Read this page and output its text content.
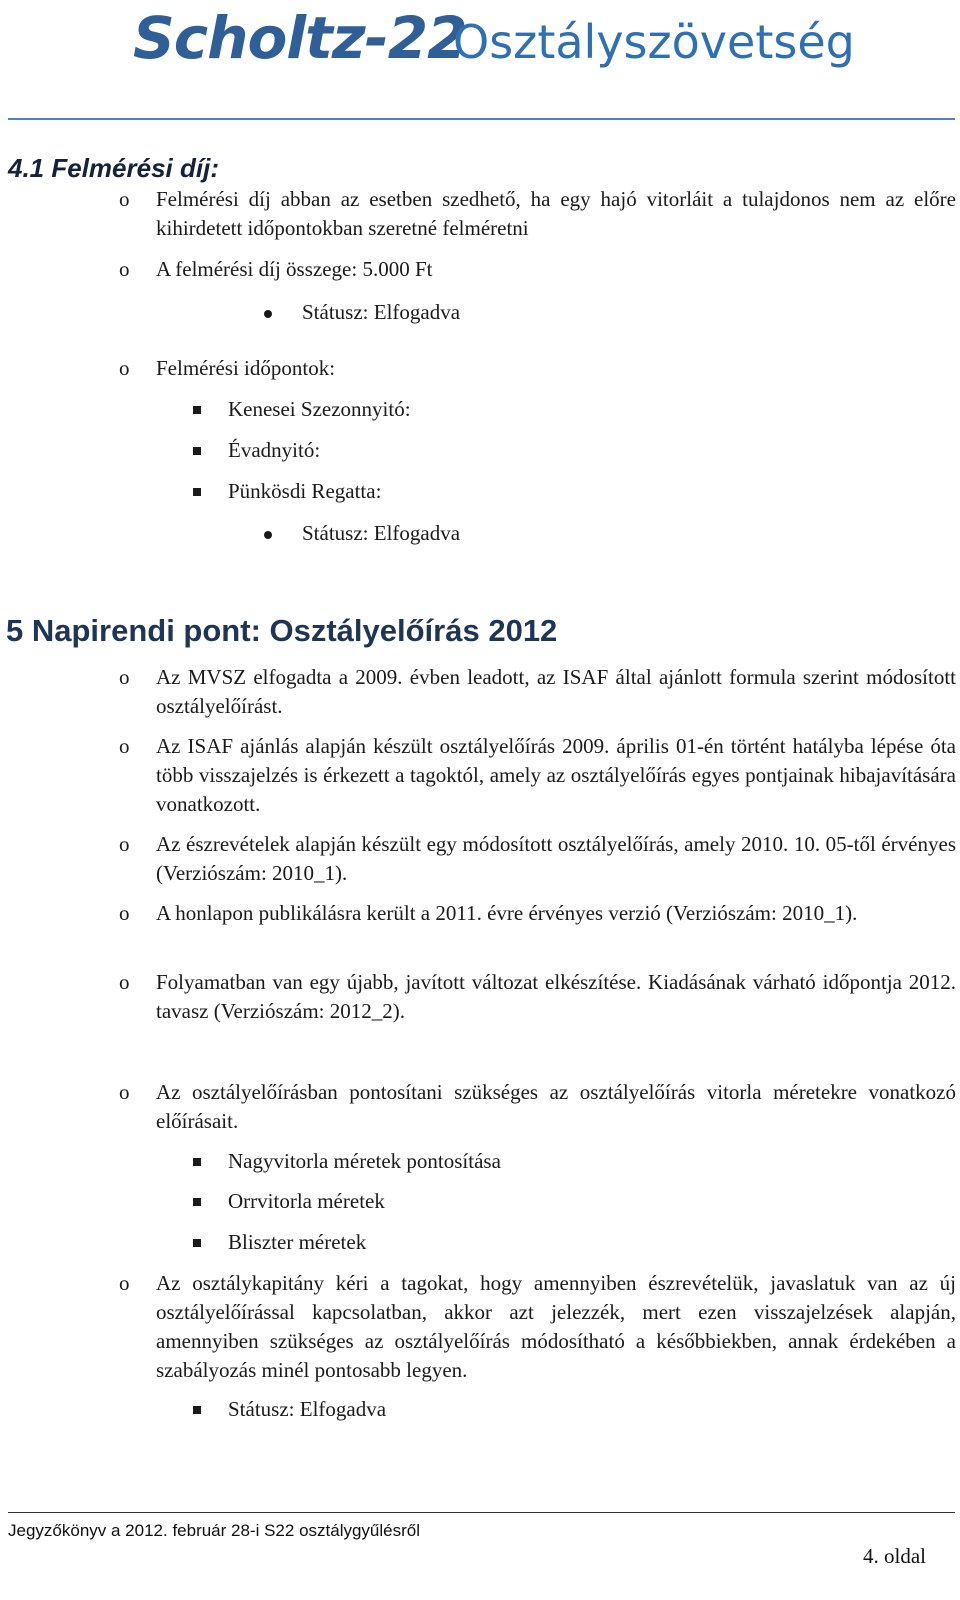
Scholtz-22
Osztályszövetség
4.1 Felmérési díj:
o	Felmérési díj abban az esetben szedhető, ha egy hajó vitorláit a tulajdonos nem az előre kihirdetett időpontokban szeretné felméretni
o	A felmérési díj összege: 5.000 Ft
Státusz: Elfogadva
o	Felmérési időpontok:
Kenesei Szezonnyitó:
Évadnyitó:
Pünkösdi Regatta:
Státusz: Elfogadva
5 Napirendi pont: Osztályelőírás 2012
o	Az MVSZ elfogadta a 2009. évben leadott, az ISAF által ajánlott formula szerint módosított osztályelőírást.
o	Az ISAF ajánlás alapján készült osztályelőírás 2009. április 01-én történt hatályba lépése óta több visszajelzés is érkezett a tagoktól, amely az osztályelőírás egyes pontjainak hibajavítására vonatkozott.
o	Az észrevételek alapján készült egy módosított osztályelőírás, amely 2010. 10. 05-től érvényes (Verziószám: 2010_1).
o	A honlapon publikálásra került a 2011. évre érvényes verzió (Verziószám: 2010_1).
o	Folyamatban van egy újabb, javított változat elkészítése. Kiadásának várható időpontja 2012. tavasz (Verziószám: 2012_2).
o	Az osztályelőírásban pontosítani szükséges az osztályelőírás vitorla méretekre vonatkozó előírásait.
Nagyvitorla méretek pontosítása
Orrvitorla méretek
Bliszter méretek
o	Az osztálykapitány kéri a tagokat, hogy amennyiben észrevételük, javaslatuk van az új osztályelőírással kapcsolatban, akkor azt jelezzék, mert ezen visszajelzések alapján, amennyiben szükséges az osztályelőírás módosítható a későbbiekben, annak érdekében a szabályozás minél pontosabb legyen.
Státusz: Elfogadva
Jegyzőkönyv a 2012. február 28-i S22 osztálygyűlésről
4. oldal
